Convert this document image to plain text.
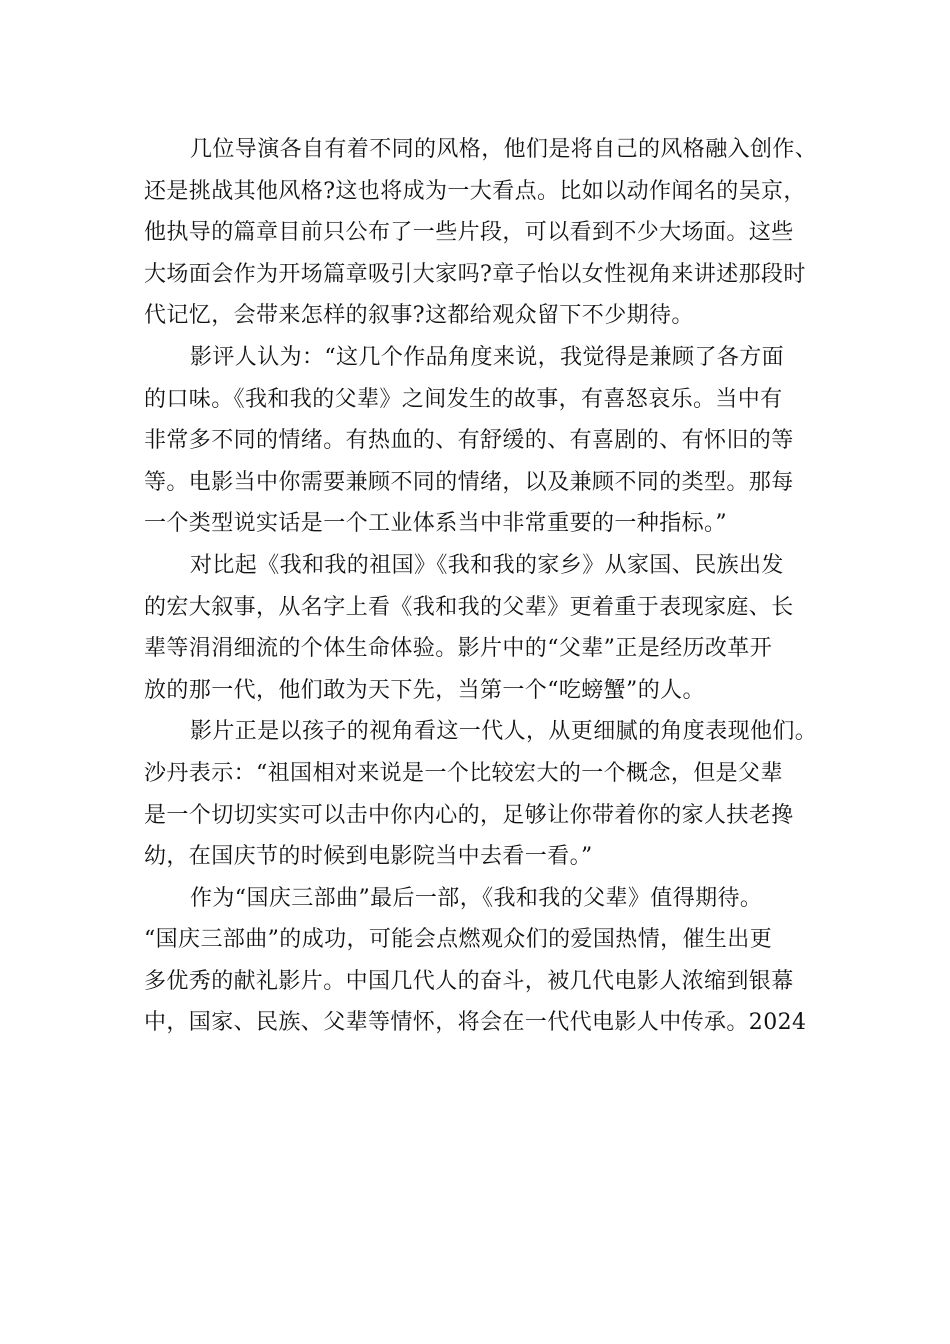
几位导演各自有着不同的风格，他们是将自己的风格融入创作、
还是挑战其他风格?这也将成为一大看点。比如以动作闻名的吴京，
他执导的篇章目前只公布了一些片段，可以看到不少大场面。这些
大场面会作为开场篇章吸引大家吗?章子怡以女性视角来讲述那段时
代记忆，会带来怎样的叙事?这都给观众留下不少期待。
影评人认为：“这几个作品角度来说，我觉得是兼顾了各方面
的口味。《我和我的父辈》之间发生的故事，有喜怒哀乐。当中有
非常多不同的情绪。有热血的、有舒缓的、有喜剧的、有怀旧的等
等。电影当中你需要兼顾不同的情绪，以及兼顾不同的类型。那每
一个类型说实话是一个工业体系当中非常重要的一种指标。”
对比起《我和我的祖国》《我和我的家乡》从家国、民族出发
的宏大叙事，从名字上看《我和我的父辈》更着重于表现家庭、长
辈等涓涓细流的个体生命体验。影片中的“父辈”正是经历改革开
放的那一代，他们敢为天下先，当第一个“吃螃蟹”的人。
影片正是以孩子的视角看这一代人，从更细腻的角度表现他们。
沙丹表示：“祖国相对来说是一个比较宏大的一个概念，但是父辈
是一个切切实实可以击中你内心的，足够让你带着你的家人扶老搀
幼，在国庆节的时候到电影院当中去看一看。”
作为“国庆三部曲”最后一部，《我和我的父辈》值得期待。
“国庆三部曲”的成功，可能会点燃观众们的爱国热情，催生出更
多优秀的献礼影片。中国几代人的奋斗，被几代电影人浓缩到银幕
中，国家、民族、父辈等情怀，将会在一代代电影人中传承。2024
